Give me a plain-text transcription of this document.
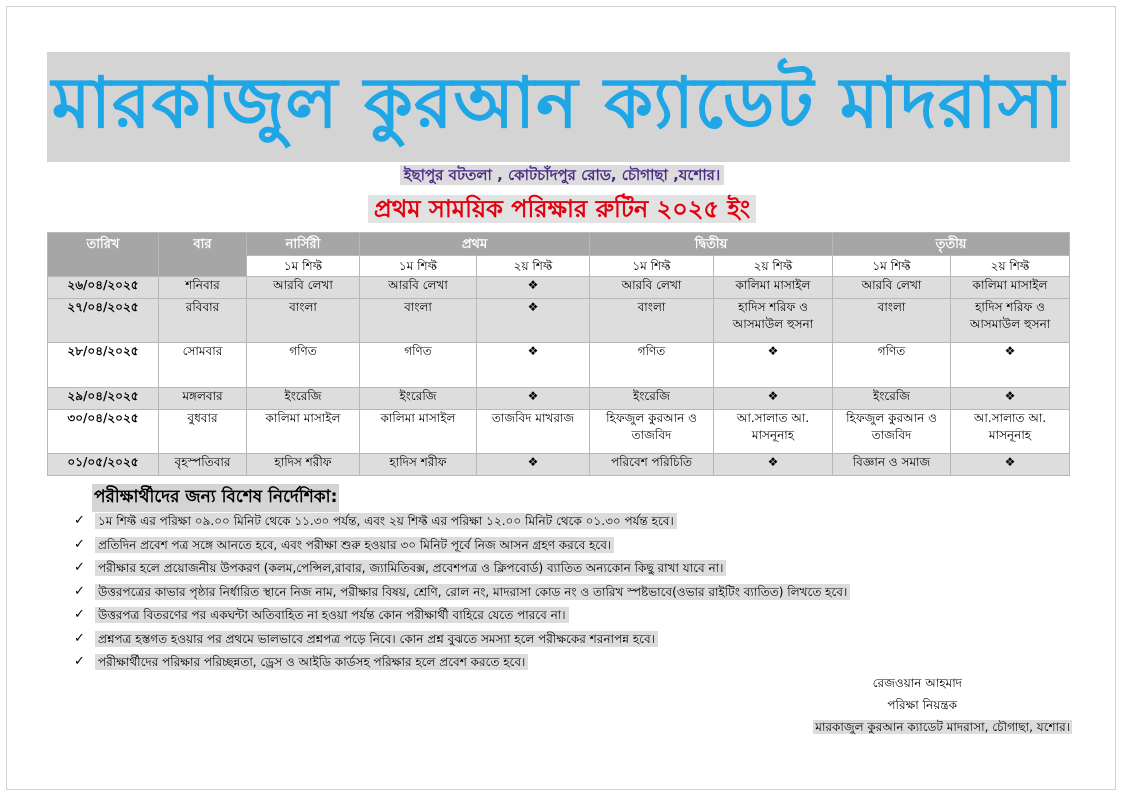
মারকাজুল কুরআন ক্যাডেট মাদরাসা
ইছাপুর বটতলা , কোটচাঁদপুর রোড, চৌগাছা ,যশোর।
প্রথম সাময়িক পরিক্ষার রুটিন ২০২৫ ইং
তারিখ	বার	নার্সিরী	প্রথম		দ্বিতীয়		তৃতীয়	
		১ম শিফ্ট	১ম শিফ্ট	২য় শিফ্ট	১ম শিফ্ট	২য় শিফ্ট	১ম শিফ্ট	২য় শিফ্ট
২৬/০৪/২০২৫	শনিবার	আরবি লেখা	আরবি লেখা	❖	আরবি লেখা	কালিমা মাসাইল	আরবি লেখা	কালিমা মাসাইল
২৭/০৪/২০২৫	রবিবার	বাংলা	বাংলা	❖	বাংলা	হাদিস শরিফ ও আসমাউল হুসনা	বাংলা	হাদিস শরিফ ও আসমাউল হুসনা
২৮/০৪/২০২৫	সোমবার	গণিত	গণিত	❖	গণিত	❖	গণিত	❖
২৯/০৪/২০২৫	মঙ্গলবার	ইংরেজি	ইংরেজি	❖	ইংরেজি	❖	ইংরেজি	❖
৩০/০৪/২০২৫	বুধবার	কালিমা মাসাইল	কালিমা মাসাইল	তাজবিদ মাখরাজ	হিফজুল কুরআন ও তাজবিদ	আ.সালাত আ. মাসনূনাহ	হিফজুল কুরআন ও তাজবিদ	আ.সালাত আ. মাসনূনাহ
০১/০৫/২০২৫	বৃহস্পতিবার	হাদিস শরীফ	হাদিস শরীফ	❖	পরিবেশ পরিচিতি	❖	বিজ্ঞান ও সমাজ	❖
পরীক্ষার্থীদের জন্য বিশেষ নির্দেশিকা:
✓ ১ম শিফ্ট এর পরিক্ষা ০৯.০০ মিনিট থেকে ১১.৩০ পর্যন্ত, এবং ২য় শিফ্ট এর পরিক্ষা ১২.০০ মিনিট থেকে ০১.৩০ পর্যন্ত হবে।
✓ প্রতিদিন প্রবেশ পত্র সঙ্গে আনতে হবে, এবং পরীক্ষা শুরু হওয়ার ৩০ মিনিট পূর্বে নিজ আসন গ্রহণ করবে হবে।
✓ পরীক্ষার হলে প্রয়োজনীয় উপকরণ (কলম,পেন্সিল,রাবার, জ্যামিতিবক্স, প্রবেশপত্র ও ক্লিপবোর্ড) ব্যাতিত অন্যকোন কিছু রাখা যাবে না।
✓ উত্তরপত্রের কাভার পৃষ্ঠার নির্ধারিত স্থানে নিজ নাম, পরীক্ষার বিষয়, শ্রেণি, রোল নং, মাদরাসা কোড নং ও তারিখ স্পষ্টভাবে(ওভার রাইটিং ব্যাতিত) লিখতে হবে।
✓ উত্তরপত্র বিতরণের পর একঘন্টা অতিবাহিত না হওয়া পর্যন্ত কোন পরীক্ষার্থী বাহিরে যেতে পারবে না।
✓ প্রশ্নপত্র হস্তগত হওয়ার পর প্রথমে ভালভাবে প্রশ্নপত্র পড়ে নিবে। কোন প্রশ্ন বুঝতে সমস্যা হলে পরীক্ষকের শরনাপন্ন হবে।
✓ পরীক্ষার্থীদের পরিক্ষার পরিচ্ছন্নতা, ড্রেস ও আইডি কার্ডসহ পরিক্ষার হলে প্রবেশ করতে হবে।
রেজওয়ান আহমাদ
পরিক্ষা নিয়ন্ত্রক
মারকাজুল কুরআন ক্যাডেট মাদরাসা, চৌগাছা, যশোর।
